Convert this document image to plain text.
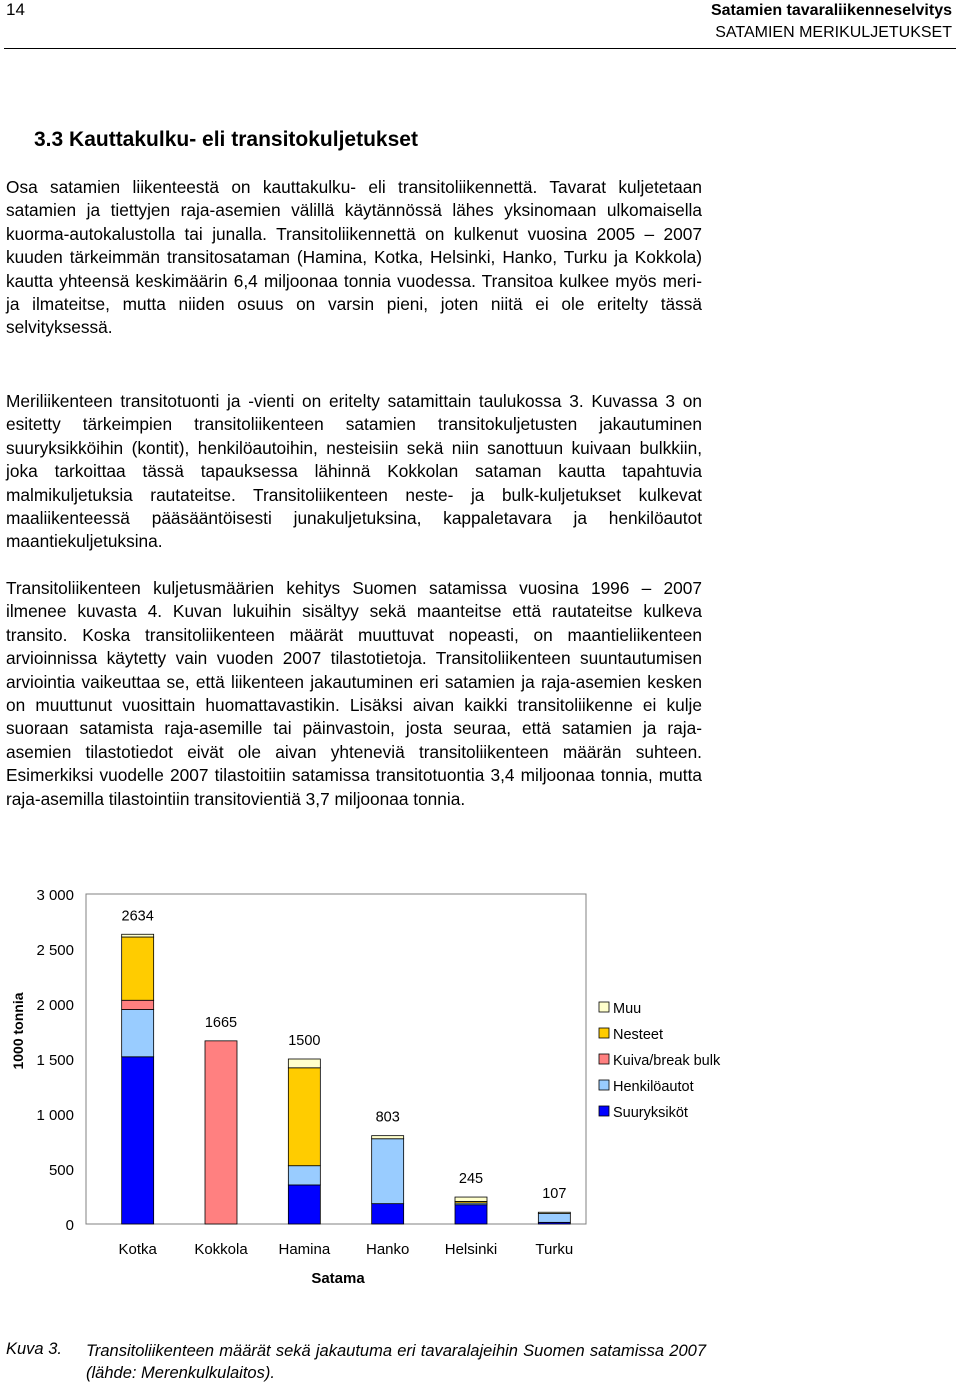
14	Satamien tavaraliikenneselvitys
SATAMIEN MERIKULJETUKSET
3.3 Kauttakulku- eli transitokuljetukset

Osa satamien liikenteestä on kauttakulku- eli transitoliikennettä. Tavarat kuljetetaan satamien ja tiettyjen raja-asemien välillä käytännössä lähes yksinomaan ulkomaisella kuorma-autokalustolla tai junalla. Transitoliikennettä on kulkenut vuosina 2005 – 2007 kuuden tärkeimmän transitosataman (Hamina, Kotka, Helsinki, Hanko, Turku ja Kokkola) kautta yhteensä keskimäärin 6,4 miljoonaa tonnia vuodessa. Transitoa kulkee myös meri- ja ilmateitse, mutta niiden osuus on varsin pieni, joten niitä ei ole eritelty tässä selvityksessä.

Meriliikenteen transitotuonti ja -vienti on eritelty satamittain taulukossa 3. Kuvassa 3 on esitetty tärkeimpien transitoliikenteen satamien transitokuljetusten jakautuminen suuryksikköihin (kontit), henkilöautoihin, nesteisiin sekä niin sanottuun kuivaan bulkkiin, joka tarkoittaa tässä tapauksessa lähinnä Kokkolan sataman kautta tapahtuvia malmikuljetuksia rautateitse. Transitoliikenteen neste- ja bulk-kuljetukset kulkevat maaliikenteessä pääsääntöisesti junakuljetuksina, kappaletavara ja henkilöautot maantiekuljetuksina.

Transitoliikenteen kuljetusmäärien kehitys Suomen satamissa vuosina 1996 – 2007 ilmenee kuvasta 4. Kuvan lukuihin sisältyy sekä maanteitse että rautateitse kulkeva transito. Koska transitoliikenteen määrät muuttuvat nopeasti, on maantieliikenteen arvioinnissa käytetty vain vuoden 2007 tilastotietoja. Transitoliikenteen suuntautumisen arviointia vaikeuttaa se, että liikenteen jakautuminen eri satamien ja raja-asemien kesken on muuttunut vuosittain huomattavastikin. Lisäksi aivan kaikki transitoliikenne ei kulje suoraan satamista raja-asemille tai päinvastoin, josta seuraa, että satamien ja raja-asemien tilastotiedot eivät ole aivan yhteneviä transitoliikenteen määrän suhteen. Esimerkiksi vuodelle 2007 tilastoitiin satamissa transitotuontia 3,4 miljoonaa tonnia, mutta raja-asemilla tilastointiin transitovientiä 3,7 miljoonaa tonnia.

0
500
1 000
1 500
2 000
2 500
3 000
1000 tonnia
2634
Kotka
1665
Kokkola
1500
Hamina
803
Hanko
245
Helsinki
107
Turku
Satama
Muu
Nesteet
Kuiva/break bulk
Henkilöautot
Suuryksiköt
Kuva 3. Transitoliikenteen määrät sekä jakautuma eri tavaralajeihin Suomen satamissa 2007 (lähde: Merenkulkulaitos).
